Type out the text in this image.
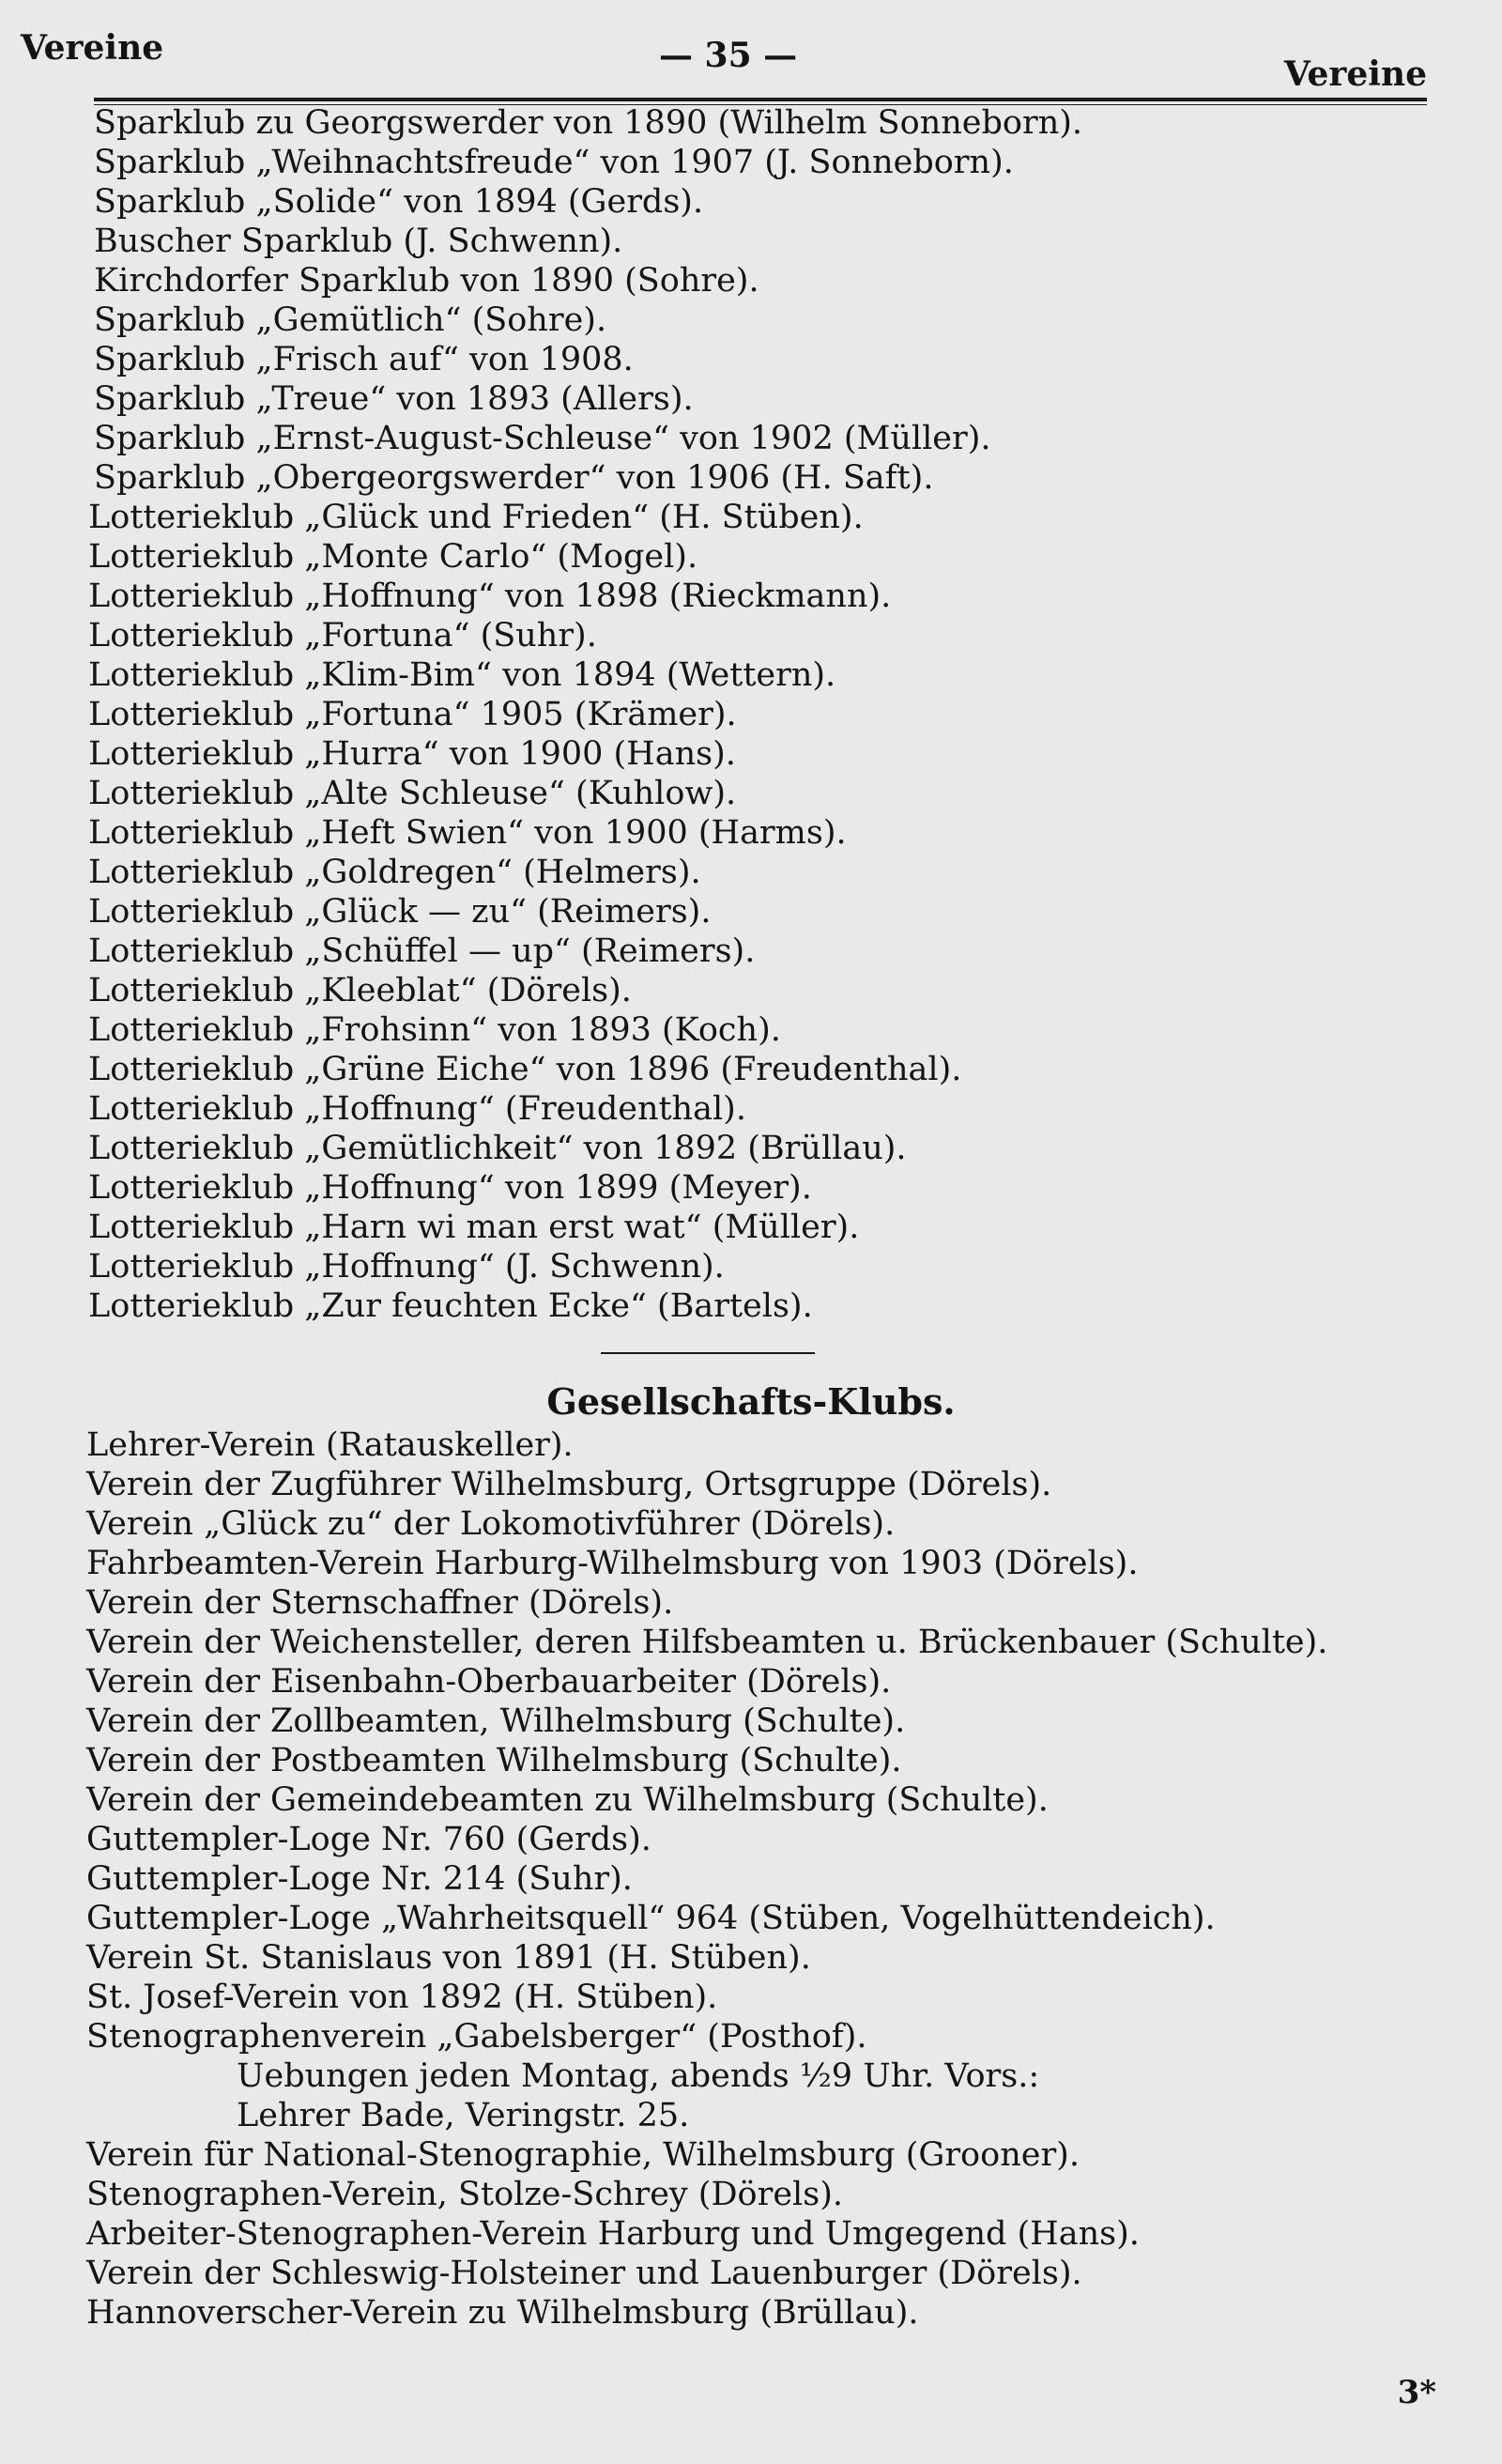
Vereine	— 35 —	Vereine
Sparklub zu Georgswerder von 1890 (Wilhelm Sonneborn).
Sparklub „Weihnachtsfreude“ von 1907 (J. Sonneborn).
Sparklub „Solide“ von 1894 (Gerds).
Buscher Sparklub (J. Schwenn).
Kirchdorfer Sparklub von 1890 (Sohre).
Sparklub „Gemütlich“ (Sohre).
Sparklub „Frisch auf“ von 1908.
Sparklub „Treue“ von 1893 (Allers).
Sparklub „Ernst-August-Schleuse“ von 1902 (Müller).
Sparklub „Obergeorgswerder“ von 1906 (H. Saft).
Lotterieklub „Glück und Frieden“ (H. Stüben).
Lotterieklub „Monte Carlo“ (Mogel).
Lotterieklub „Hoffnung“ von 1898 (Rieckmann).
Lotterieklub „Fortuna“ (Suhr).
Lotterieklub „Klim-Bim“ von 1894 (Wettern).
Lotterieklub „Fortuna“ 1905 (Krämer).
Lotterieklub „Hurra“ von 1900 (Hans).
Lotterieklub „Alte Schleuse“ (Kuhlow).
Lotterieklub „Heft Swien“ von 1900 (Harms).
Lotterieklub „Goldregen“ (Helmers).
Lotterieklub „Glück — zu“ (Reimers).
Lotterieklub „Schüffel — up“ (Reimers).
Lotterieklub „Kleeblat“ (Dörels).
Lotterieklub „Frohsinn“ von 1893 (Koch).
Lotterieklub „Grüne Eiche“ von 1896 (Freudenthal).
Lotterieklub „Hoffnung“ (Freudenthal).
Lotterieklub „Gemütlichkeit“ von 1892 (Brüllau).
Lotterieklub „Hoffnung“ von 1899 (Meyer).
Lotterieklub „Harn wi man erst wat“ (Müller).
Lotterieklub „Hoffnung“ (J. Schwenn).
Lotterieklub „Zur feuchten Ecke“ (Bartels).
Gesellschafts-Klubs.
Lehrer-Verein (Ratauskeller).
Verein der Zugführer Wilhelmsburg, Ortsgruppe (Dörels).
Verein „Glück zu“ der Lokomotivführer (Dörels).
Fahrbeamten-Verein Harburg-Wilhelmsburg von 1903 (Dörels).
Verein der Sternschaffner (Dörels).
Verein der Weichensteller, deren Hilfsbeamten u. Brückenbauer (Schulte).
Verein der Eisenbahn-Oberbauarbeiter (Dörels).
Verein der Zollbeamten, Wilhelmsburg (Schulte).
Verein der Postbeamten Wilhelmsburg (Schulte).
Verein der Gemeindebeamten zu Wilhelmsburg (Schulte).
Guttempler-Loge Nr. 760 (Gerds).
Guttempler-Loge Nr. 214 (Suhr).
Guttempler-Loge „Wahrheitsquell“ 964 (Stüben, Vogelhüttendeich).
Verein St. Stanislaus von 1891 (H. Stüben).
St. Josef-Verein von 1892 (H. Stüben).
Stenographenverein „Gabelsberger“ (Posthof).
Uebungen jeden Montag, abends ½9 Uhr. Vors.:
Lehrer Bade, Veringstr. 25.
Verein für National-Stenographie, Wilhelmsburg (Grooner).
Stenographen-Verein, Stolze-Schrey (Dörels).
Arbeiter-Stenographen-Verein Harburg und Umgegend (Hans).
Verein der Schleswig-Holsteiner und Lauenburger (Dörels).
Hannoverscher-Verein zu Wilhelmsburg (Brüllau).
3*
